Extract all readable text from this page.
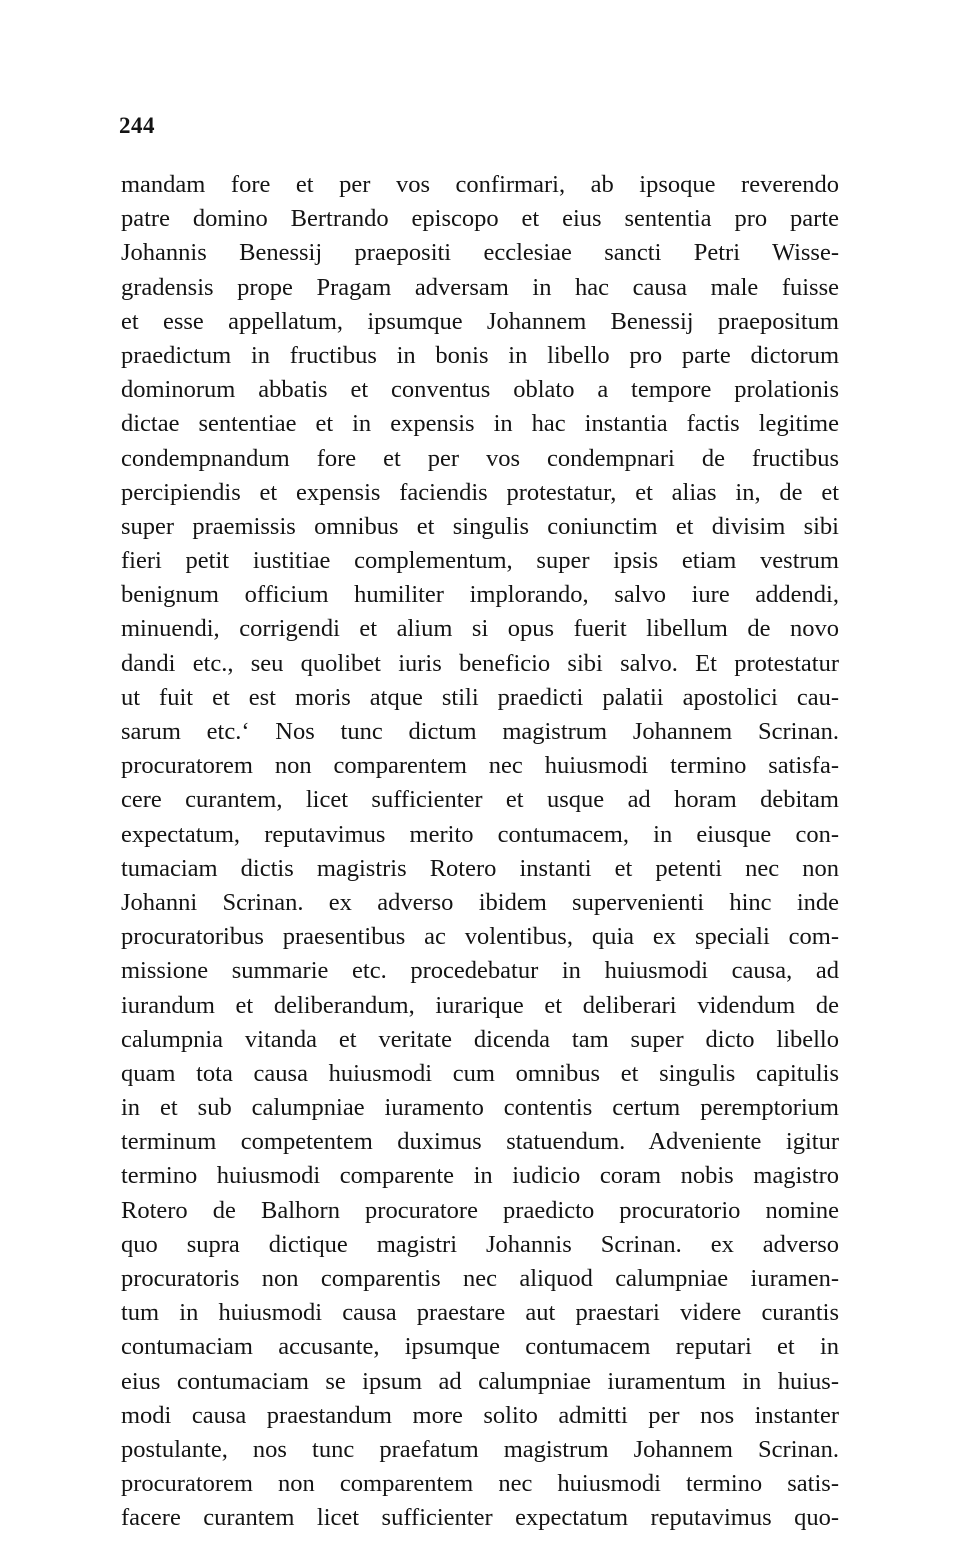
244
mandam fore et per vos confirmari, ab ipsoque reverendo
patre domino Bertrando episcopo et eius sententia pro parte
Johannis Benessij praepositi ecclesiae sancti Petri Wisse-
gradensis prope Pragam adversam in hac causa male fuisse
et esse appellatum, ipsumque Johannem Benessij praepositum
praedictum in fructibus in bonis in libello pro parte dictorum
dominorum abbatis et conventus oblato a tempore prolationis
dictae sententiae et in expensis in hac instantia factis legitime
condempnandum fore et per vos condempnari de fructibus
percipiendis et expensis faciendis protestatur, et alias in, de et
super praemissis omnibus et singulis coniunctim et divisim sibi
fieri petit iustitiae complementum, super ipsis etiam vestrum
benignum officium humiliter implorando, salvo iure addendi,
minuendi, corrigendi et alium si opus fuerit libellum de novo
dandi etc., seu quolibet iuris beneficio sibi salvo. Et protestatur
ut fuit et est moris atque stili praedicti palatii apostolici cau-
sarum etc.‘ Nos tunc dictum magistrum Johannem Scrinan.
procuratorem non comparentem nec huiusmodi termino satisfa-
cere curantem, licet sufficienter et usque ad horam debitam
expectatum, reputavimus merito contumacem, in eiusque con-
tumaciam dictis magistris Rotero instanti et petenti nec non
Johanni Scrinan. ex adverso ibidem supervenienti hinc inde
procuratoribus praesentibus ac volentibus, quia ex speciali com-
missione summarie etc. procedebatur in huiusmodi causa, ad
iurandum et deliberandum, iurarique et deliberari videndum de
calumpnia vitanda et veritate dicenda tam super dicto libello
quam tota causa huiusmodi cum omnibus et singulis capitulis
in et sub calumpniae iuramento contentis certum peremptorium
terminum competentem duximus statuendum. Adveniente igitur
termino huiusmodi comparente in iudicio coram nobis magistro
Rotero de Balhorn procuratore praedicto procuratorio nomine
quo supra dictique magistri Johannis Scrinan. ex adverso
procuratoris non comparentis nec aliquod calumpniae iuramen-
tum in huiusmodi causa praestare aut praestari videre curantis
contumaciam accusante, ipsumque contumacem reputari et in
eius contumaciam se ipsum ad calumpniae iuramentum in huius-
modi causa praestandum more solito admitti per nos instanter
postulante, nos tunc praefatum magistrum Johannem Scrinan.
procuratorem non comparentem nec huiusmodi termino satis-
facere curantem licet sufficienter expectatum reputavimus quo-
